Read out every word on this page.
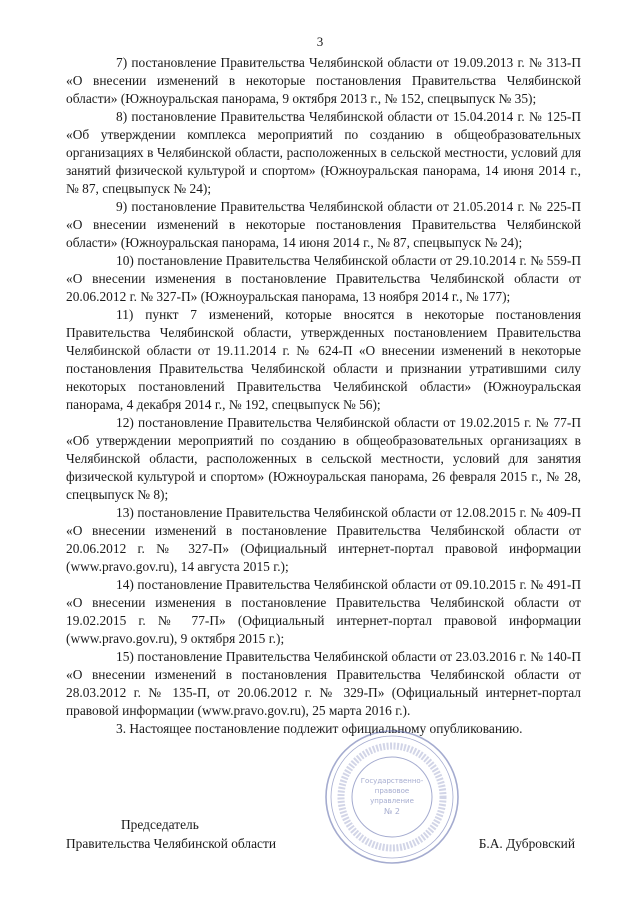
3

7) постановление Правительства Челябинской области от 19.09.2013 г. № 313-П «О внесении изменений в некоторые постановления Правительства Челябинской области» (Южноуральская панорама, 9 октября 2013 г., № 152, спецвыпуск № 35);

8) постановление Правительства Челябинской области от 15.04.2014 г. № 125-П «Об утверждении комплекса мероприятий по созданию в общеобразовательных организациях в Челябинской области, расположенных в сельской местности, условий для занятий физической культурой и спортом» (Южноуральская панорама, 14 июня 2014 г., № 87, спецвыпуск № 24);

9) постановление Правительства Челябинской области от 21.05.2014 г. № 225-П «О внесении изменений в некоторые постановления Правительства Челябинской области» (Южноуральская панорама, 14 июня 2014 г., № 87, спецвыпуск № 24);

10) постановление Правительства Челябинской области от 29.10.2014 г. № 559-П «О внесении изменения в постановление Правительства Челябинской области от 20.06.2012 г. № 327-П» (Южноуральская панорама, 13 ноября 2014 г., № 177);

11) пункт 7 изменений, которые вносятся в некоторые постановления Правительства Челябинской области, утвержденных постановлением Правительства Челябинской области от 19.11.2014 г. № 624-П «О внесении изменений в некоторые постановления Правительства Челябинской области и признании утратившими силу некоторых постановлений Правительства Челябинской области» (Южноуральская панорама, 4 декабря 2014 г., № 192, спецвыпуск № 56);

12) постановление Правительства Челябинской области от 19.02.2015 г. № 77-П «Об утверждении мероприятий по созданию в общеобразовательных организациях в Челябинской области, расположенных в сельской местности, условий для занятия физической культурой и спортом» (Южноуральская панорама, 26 февраля 2015 г., № 28, спецвыпуск № 8);

13) постановление Правительства Челябинской области от 12.08.2015 г. № 409-П «О внесении изменений в постановление Правительства Челябинской области от 20.06.2012 г. № 327-П» (Официальный интернет-портал правовой информации (www.pravo.gov.ru), 14 августа 2015 г.);

14) постановление Правительства Челябинской области от 09.10.2015 г. № 491-П «О внесении изменения в постановление Правительства Челябинской области от 19.02.2015 г. № 77-П» (Официальный интернет-портал правовой информации (www.pravo.gov.ru), 9 октября 2015 г.);

15) постановление Правительства Челябинской области от 23.03.2016 г. № 140-П «О внесении изменений в постановления Правительства Челябинской области от 28.03.2012 г. № 135-П, от 20.06.2012 г. № 329-П» (Официальный интернет-портал правовой информации (www.pravo.gov.ru), 25 марта 2016 г.).

3. Настоящее постановление подлежит официальному опубликованию.

Государственно-
правовое
управление
№ 2
Председатель
Правительства Челябинской области	Б.А. Дубровский
